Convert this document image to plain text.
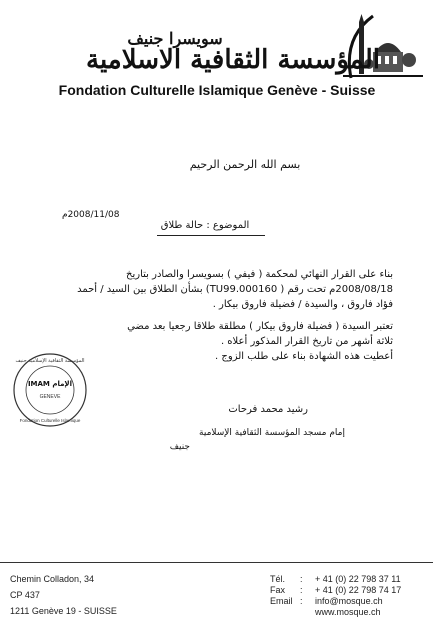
سويسرا جنيف
المؤسسة الثقافية الاسلامية
Fondation Culturelle Islamique Genève - Suisse
بسم الله الرحمن الرحيم
2008/11/08م
الموضوع : حالة طلاق
بناء على القرار النهائي لمحكمة ( فيفي ) بسويسرا والصادر بتاريخ
2008/08/18م تحت رقم ( TU99.000160) بشأن الطلاق بين السيد / أحمد
فؤاد فاروق ، والسيدة / فضيلة فاروق بيكار .
تعتبر السيدة ( فضيلة فاروق بيكار ) مطلقة طلاقا رجعيا بعد مضي
ثلاثة أشهر من تاريخ القرار المذكور أعلاه .
أعطيت هذه الشهادة بناء على طلب الزوج .
رشيد محمد فرحات
إمام مسجد المؤسسة الثقافية الإسلامية
جنيف
المؤسسة الثقافية الإسلامية جنيف
IMAM الإمام
GENEVE
Fondation Culturelle Islamique
Chemin Colladon, 34
CP 437
1211 Genève 19 - SUISSE
Tél.
Fax
Email
:
:
:
+ 41 (0) 22 798 37 11
+ 41 (0) 22 798 74 17
info@mosque.ch
www.mosque.ch
